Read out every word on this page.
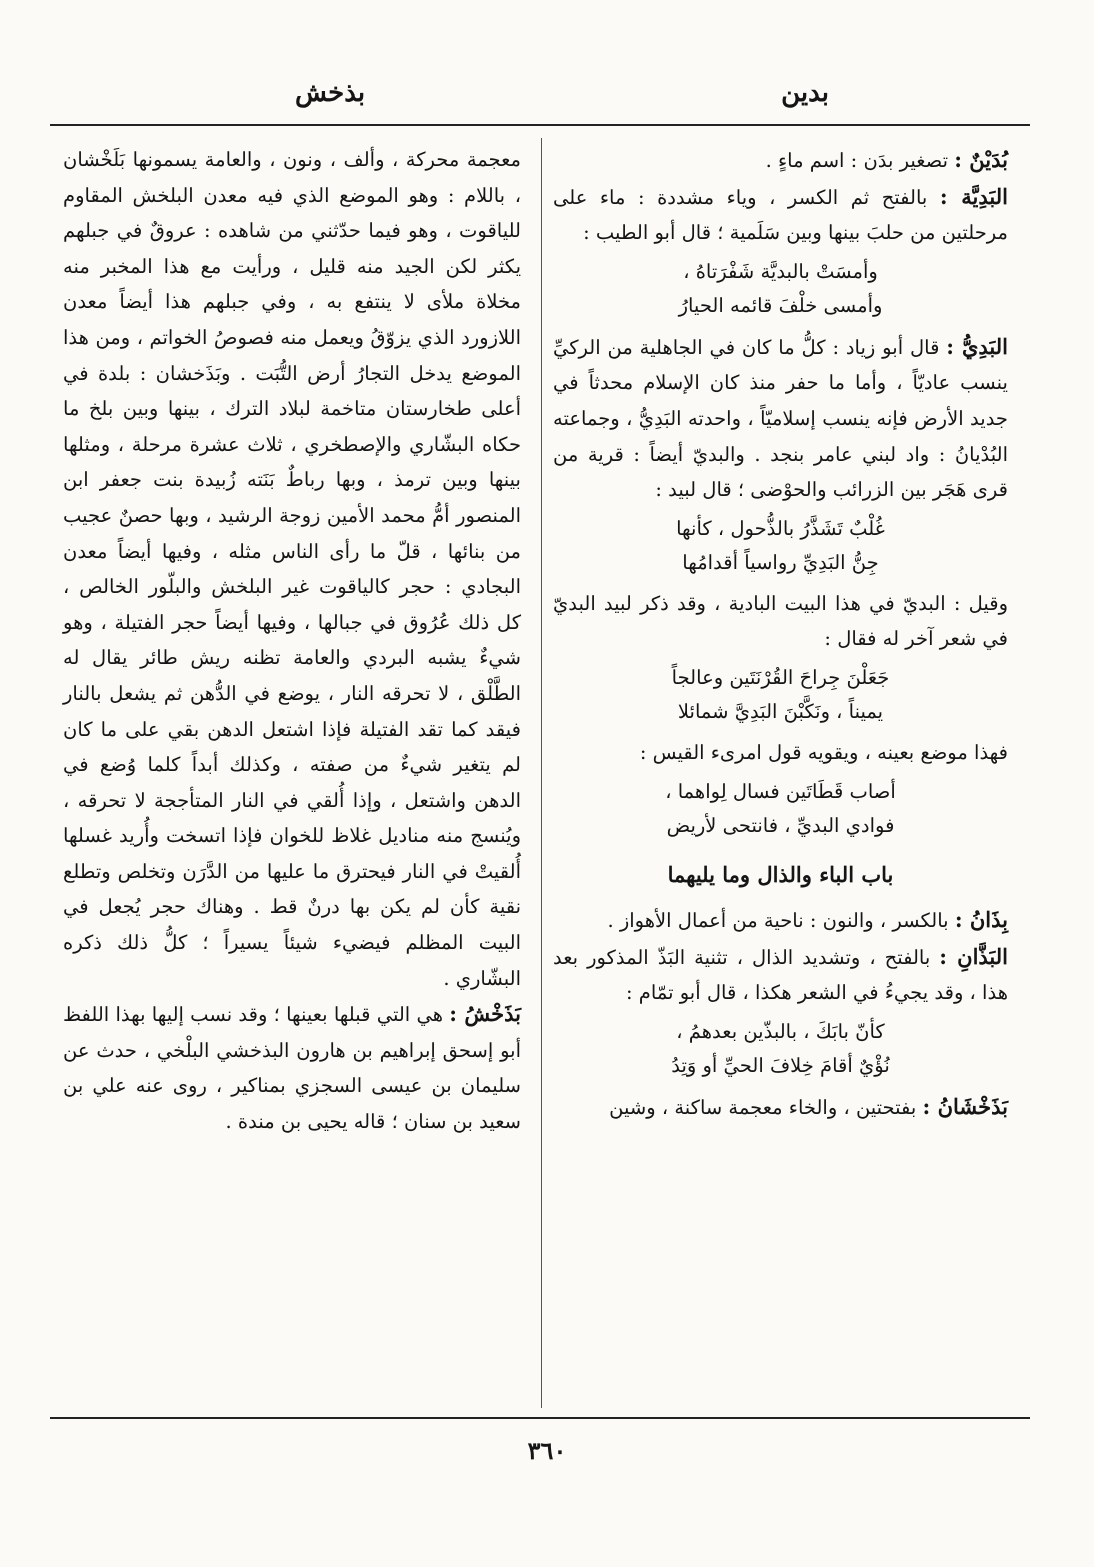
بدين
بذخش

بُدَيْنٌ : تصغير بدَن : اسم ماءٍ .

البَدِيَّة : بالفتح ثم الكسر ، وياء مشددة : ماء على مرحلتين من حلبَ بينها وبين سَلَمية ؛ قال أبو الطيب :

وأمسَتْ بالبديَّة شَفْرَتاهُ ،
وأمسى خلْفَ قائمه الحيارُ

البَدِيُّ : قال أبو زياد : كلُّ ما كان في الجاهلية من الركيِّ ينسب عاديّاً ، وأما ما حفر منذ كان الإسلام محدثاً في جديد الأرض فإنه ينسب إسلاميّاً ، واحدته البَدِيُّ ، وجماعته البُدْيانُ : واد لبني عامر بنجد . والبديّ أيضاً : قرية من قرى هَجَر بين الزرائب والحوْضى ؛ قال لبيد :

غُلْبٌ تَشَذَّرُ بالذُّحول ، كأنها
جِنُّ البَدِيِّ رواسياً أقدامُها

وقيل : البديّ في هذا البيت البادية ، وقد ذكر لبيد البديّ في شعر آخر له فقال :

جَعَلْنَ جِراحَ القُرْنَتَين وعالجاً
يميناً ، ونَكَّبْنَ البَدِيَّ شمائلا

فهذا موضع بعينه ، ويقويه قول امرىء القيس :

أصاب قَطَاتَين فسال لِواهما ،
فوادي البديِّ ، فانتحى لأريض
باب الباء والذال وما يليهما

بِذَانُ : بالكسر ، والنون : ناحية من أعمال الأهواز .

البَذَّانِ : بالفتح ، وتشديد الذال ، تثنية البَذّ المذكور بعد هذا ، وقد يجيءُ في الشعر هكذا ، قال أبو تمّام :

كأنّ بابَكَ ، بالبذّين بعدهمُ ،
نُؤْيٌ أقامَ خِلافَ الحيِّ أو وَتِدُ

بَذَخْشَانُ : بفتحتين ، والخاء معجمة ساكنة ، وشين

معجمة محركة ، وألف ، ونون ، والعامة يسمونها بَلَخْشان ، باللام : وهو الموضع الذي فيه معدن البلخش المقاوم للياقوت ، وهو فيما حدّثني من شاهده : عروقٌ في جبلهم يكثر لكن الجيد منه قليل ، ورأيت مع هذا المخبر منه مخلاة ملأى لا ينتفع به ، وفي جبلهم هذا أيضاً معدن اللازورد الذي يزوّقُ ويعمل منه فصوصُ الخواتم ، ومن هذا الموضع يدخل التجارُ أرض التُّبَت . وبَذَخشان : بلدة في أعلى طخارستان متاخمة لبلاد الترك ، بينها وبين بلخ ما حكاه البشّاري والإصطخري ، ثلاث عشرة مرحلة ، ومثلها بينها وبين ترمذ ، وبها رباطٌ بَنَته زُبيدة بنت جعفر ابن المنصور أمُّ محمد الأمين زوجة الرشيد ، وبها حصنٌ عجيب من بنائها ، قلّ ما رأى الناس مثله ، وفيها أيضاً معدن البجادي : حجر كالياقوت غير البلخش والبلّور الخالص ، كل ذلك عُرُوق في جبالها ، وفيها أيضاً حجر الفتيلة ، وهو شيءٌ يشبه البردي والعامة تظنه ريش طائر يقال له الطَّلْق ، لا تحرقه النار ، يوضع في الدُّهن ثم يشعل بالنار فيقد كما تقد الفتيلة فإذا اشتعل الدهن بقي على ما كان لم يتغير شيءٌ من صفته ، وكذلك أبداً كلما وُضع في الدهن واشتعل ، وإذا أُلقي في النار المتأججة لا تحرقه ، ويُنسج منه مناديل غلاظ للخوان فإذا اتسخت وأُريد غسلها أُلقيتْ في النار فيحترق ما عليها من الدَّرَن وتخلص وتطلع نقية كأن لم يكن بها درنٌ قط . وهناك حجر يُجعل في البيت المظلم فيضيء شيئاً يسيراً ؛ كلُّ ذلك ذكره البشّاري .

بَذَخْشُ : هي التي قبلها بعينها ؛ وقد نسب إليها بهذا اللفظ أبو إسحق إبراهيم بن هارون البذخشي البلْخي ، حدث عن سليمان بن عيسى السجزي بمناكير ، روى عنه علي بن سعيد بن سنان ؛ قاله يحيى بن مندة .

٣٦٠
